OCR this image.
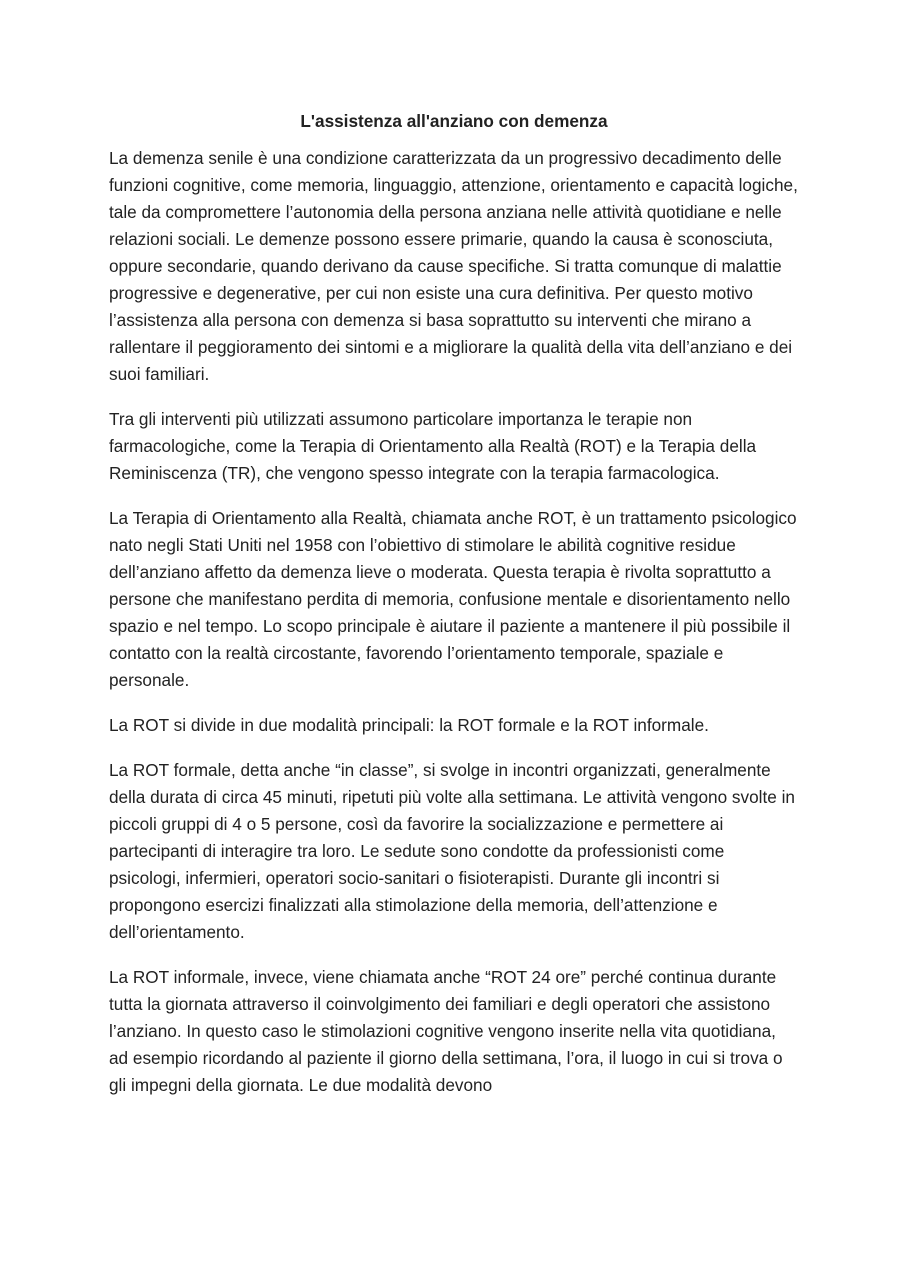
L'assistenza all'anziano con demenza

La demenza senile è una condizione caratterizzata da un progressivo decadimento delle funzioni cognitive, come memoria, linguaggio, attenzione, orientamento e capacità logiche, tale da compromettere l’autonomia della persona anziana nelle attività quotidiane e nelle relazioni sociali. Le demenze possono essere primarie, quando la causa è sconosciuta, oppure secondarie, quando derivano da cause specifiche. Si tratta comunque di malattie progressive e degenerative, per cui non esiste una cura definitiva. Per questo motivo l’assistenza alla persona con demenza si basa soprattutto su interventi che mirano a rallentare il peggioramento dei sintomi e a migliorare la qualità della vita dell’anziano e dei suoi familiari.

Tra gli interventi più utilizzati assumono particolare importanza le terapie non farmacologiche, come la Terapia di Orientamento alla Realtà (ROT) e la Terapia della Reminiscenza (TR), che vengono spesso integrate con la terapia farmacologica.

La Terapia di Orientamento alla Realtà, chiamata anche ROT, è un trattamento psicologico nato negli Stati Uniti nel 1958 con l’obiettivo di stimolare le abilità cognitive residue dell’anziano affetto da demenza lieve o moderata. Questa terapia è rivolta soprattutto a persone che manifestano perdita di memoria, confusione mentale e disorientamento nello spazio e nel tempo. Lo scopo principale è aiutare il paziente a mantenere il più possibile il contatto con la realtà circostante, favorendo l’orientamento temporale, spaziale e personale.

La ROT si divide in due modalità principali: la ROT formale e la ROT informale.

La ROT formale, detta anche “in classe”, si svolge in incontri organizzati, generalmente della durata di circa 45 minuti, ripetuti più volte alla settimana. Le attività vengono svolte in piccoli gruppi di 4 o 5 persone, così da favorire la socializzazione e permettere ai partecipanti di interagire tra loro. Le sedute sono condotte da professionisti come psicologi, infermieri, operatori socio-sanitari o fisioterapisti. Durante gli incontri si propongono esercizi finalizzati alla stimolazione della memoria, dell’attenzione e dell’orientamento.

La ROT informale, invece, viene chiamata anche “ROT 24 ore” perché continua durante tutta la giornata attraverso il coinvolgimento dei familiari e degli operatori che assistono l’anziano. In questo caso le stimolazioni cognitive vengono inserite nella vita quotidiana, ad esempio ricordando al paziente il giorno della settimana, l’ora, il luogo in cui si trova o gli impegni della giornata. Le due modalità devono
